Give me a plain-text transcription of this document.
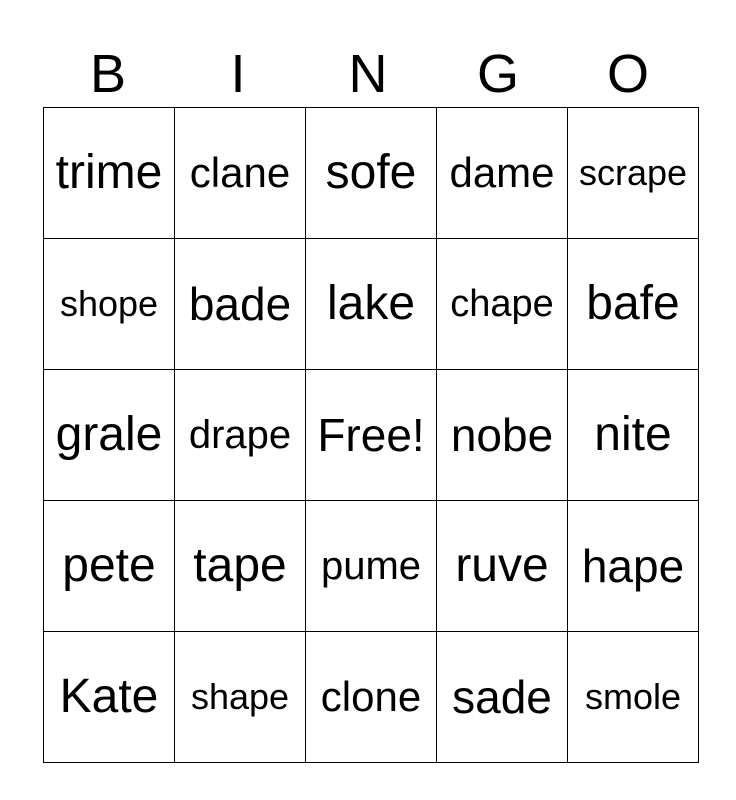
B	I	N	G	O
trime	clane	sofe	dame	scrape
shope	bade	lake	chape	bafe
grale	drape	Free!	nobe	nite
pete	tape	pume	ruve	hape
Kate	shape	clone	sade	smole
